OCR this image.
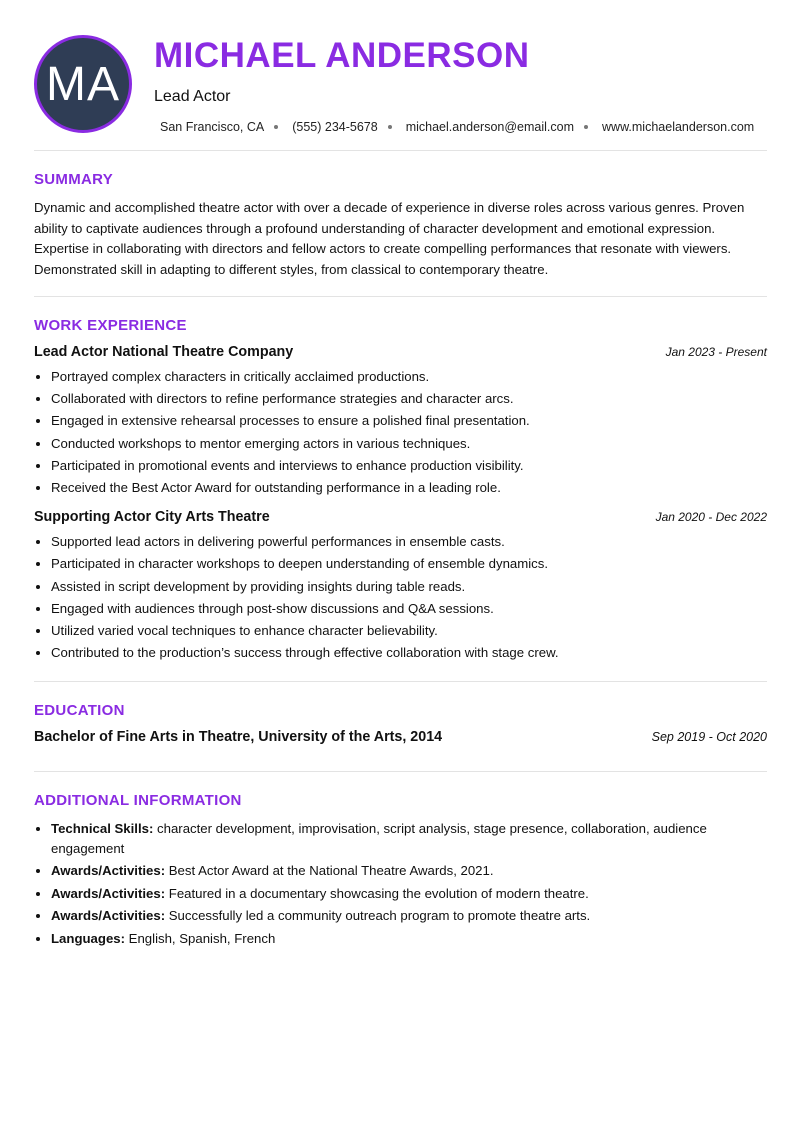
MA
MICHAEL ANDERSON
Lead Actor
San Francisco, CA (555) 234-5678 michael.anderson@email.com www.michaelanderson.com
SUMMARY

Dynamic and accomplished theatre actor with over a decade of experience in diverse roles across various genres. Proven ability to captivate audiences through a profound understanding of character development and emotional expression. Expertise in collaborating with directors and fellow actors to create compelling performances that resonate with viewers. Demonstrated skill in adapting to different styles, from classical to contemporary theatre.

WORK EXPERIENCE
Lead Actor National Theatre Company	Jan 2023 - Present
• Portrayed complex characters in critically acclaimed productions.
• Collaborated with directors to refine performance strategies and character arcs.
• Engaged in extensive rehearsal processes to ensure a polished final presentation.
• Conducted workshops to mentor emerging actors in various techniques.
• Participated in promotional events and interviews to enhance production visibility.
• Received the Best Actor Award for outstanding performance in a leading role.
Supporting Actor City Arts Theatre	Jan 2020 - Dec 2022
• Supported lead actors in delivering powerful performances in ensemble casts.
• Participated in character workshops to deepen understanding of ensemble dynamics.
• Assisted in script development by providing insights during table reads.
• Engaged with audiences through post-show discussions and Q&A sessions.
• Utilized varied vocal techniques to enhance character believability.
• Contributed to the production’s success through effective collaboration with stage crew.
EDUCATION
Bachelor of Fine Arts in Theatre, University of the Arts, 2014	Sep 2019 - Oct 2020
ADDITIONAL INFORMATION
• Technical Skills: character development, improvisation, script analysis, stage presence, collaboration, audience engagement
• Awards/Activities: Best Actor Award at the National Theatre Awards, 2021.
• Awards/Activities: Featured in a documentary showcasing the evolution of modern theatre.
• Awards/Activities: Successfully led a community outreach program to promote theatre arts.
• Languages: English, Spanish, French
